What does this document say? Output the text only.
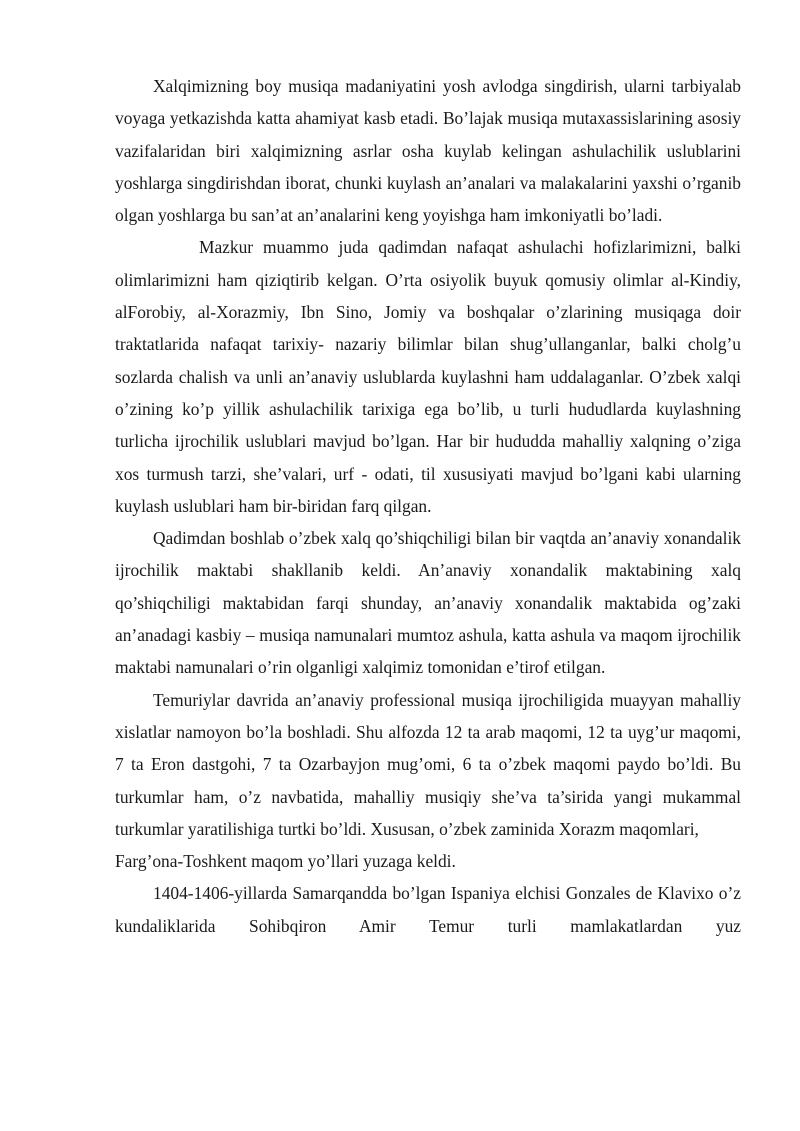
Xalqimizning boy musiqa madaniyatini yosh avlodga singdirish, ularni tarbiyalab voyaga yetkazishda katta ahamiyat kasb etadi. Bo’lajak musiqa mutaxassislarining asosiy vazifalaridan biri xalqimizning asrlar osha kuylab kelingan ashulachilik uslublarini yoshlarga singdirishdan iborat, chunki kuylash an’analari va malakalarini yaxshi o’rganib olgan yoshlarga bu san’at an’analarini keng yoyishga ham imkoniyatli bo’ladi.

Mazkur muammo juda qadimdan nafaqat ashulachi hofizlarimizni, balki olimlarimizni ham qiziqtirib kelgan. O’rta osiyolik buyuk qomusiy olimlar al-Kindiy, alForobiy, al-Xorazmiy, Ibn Sino, Jomiy va boshqalar o’zlarining musiqaga doir traktatlarida nafaqat tarixiy- nazariy bilimlar bilan shug’ullanganlar, balki cholg’u sozlarda chalish va unli an’anaviy uslublarda kuylashni ham uddalaganlar. O’zbek xalqi o’zining ko’p yillik ashulachilik tarixiga ega bo’lib, u turli hududlarda kuylashning turlicha ijrochilik uslublari mavjud bo’lgan. Har bir hududda mahalliy xalqning o’ziga xos turmush tarzi, she’valari, urf - odati, til xususiyati mavjud bo’lgani kabi ularning kuylash uslublari ham bir-biridan farq qilgan.

Qadimdan boshlab o’zbek xalq qo’shiqchiligi bilan bir vaqtda an’anaviy xonandalik ijrochilik maktabi shakllanib keldi. An’anaviy xonandalik maktabining xalq qo’shiqchiligi maktabidan farqi shunday, an’anaviy xonandalik maktabida og’zaki an’anadagi kasbiy – musiqa namunalari mumtoz ashula, katta ashula va maqom ijrochilik maktabi namunalari o’rin olganligi xalqimiz tomonidan e’tirof etilgan.

Temuriylar davrida an’anaviy professional musiqa ijrochiligida muayyan mahalliy xislatlar namoyon bo’la boshladi. Shu alfozda 12 ta arab maqomi, 12 ta uyg’ur maqomi, 7 ta Eron dastgohi, 7 ta Ozarbayjon mug’omi, 6 ta o’zbek maqomi paydo bo’ldi. Bu turkumlar ham, o’z navbatida, mahalliy musiqiy she’va ta’sirida yangi mukammal turkumlar yaratilishiga turtki bo’ldi. Xususan, o’zbek zaminida Xorazm maqomlari,

Farg’ona-Toshkent maqom yo’llari yuzaga keldi.

1404-1406-yillarda Samarqandda bo’lgan Ispaniya elchisi Gonzales de Klavixo o’z kundaliklarida Sohibqiron Amir Temur turli mamlakatlardan yuz
